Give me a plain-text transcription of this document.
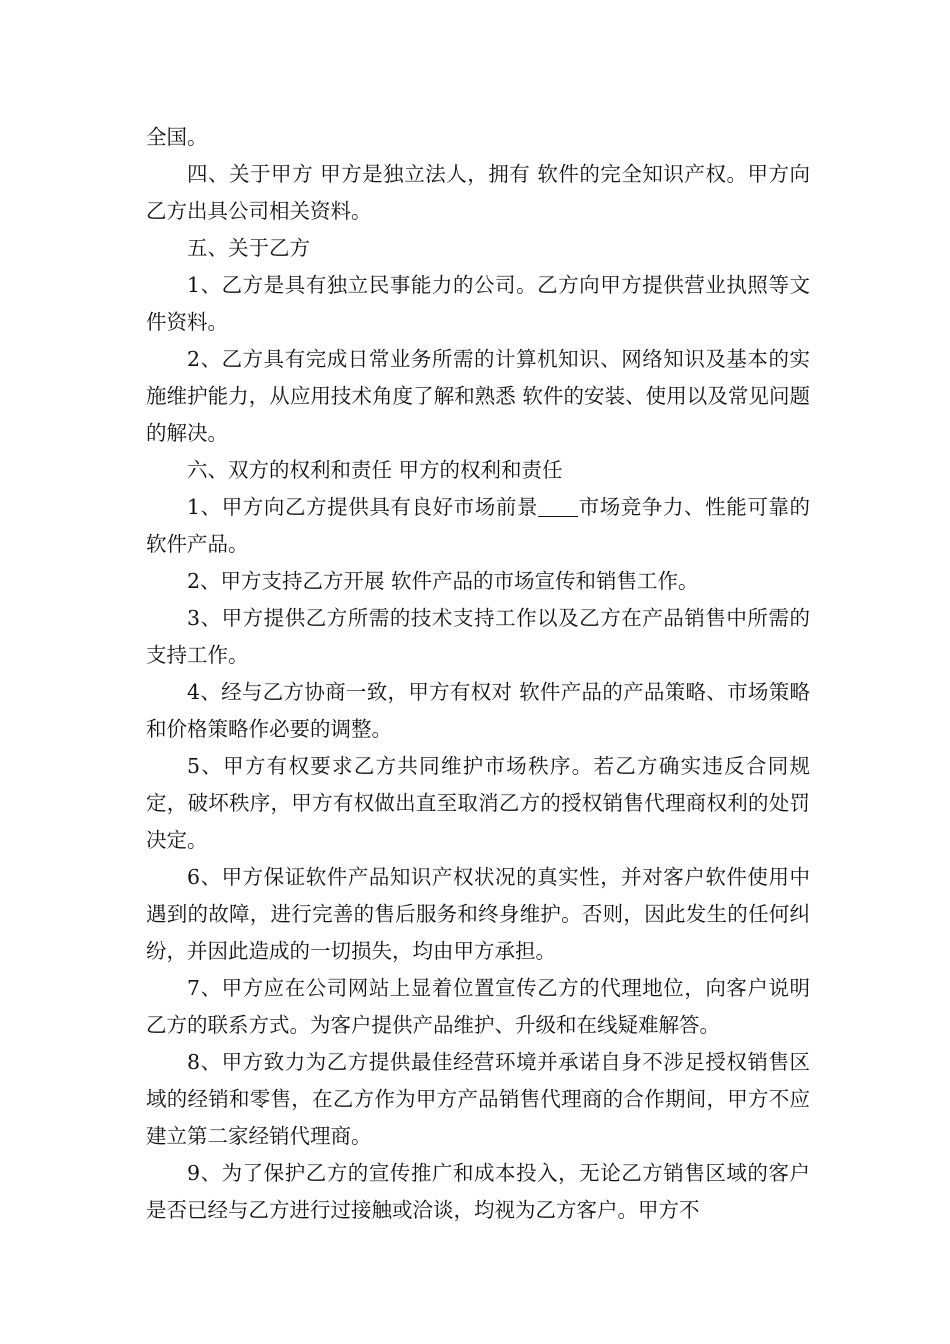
全国。

四、关于甲方 甲方是独立法人，拥有 软件的完全知识产权。甲方向乙方出具公司相关资料。

五、关于乙方

1、乙方是具有独立民事能力的公司。乙方向甲方提供营业执照等文件资料。

2、乙方具有完成日常业务所需的计算机知识、网络知识及基本的实施维护能力，从应用技术角度了解和熟悉 软件的安装、使用以及常见问题的解决。

六、双方的权利和责任 甲方的权利和责任

1、甲方向乙方提供具有良好市场前景 市场竞争力、性能可靠的 软件产品。

2、甲方支持乙方开展 软件产品的市场宣传和销售工作。

3、甲方提供乙方所需的技术支持工作以及乙方在产品销售中所需的支持工作。

4、经与乙方协商一致，甲方有权对 软件产品的产品策略、市场策略和价格策略作必要的调整。

5、甲方有权要求乙方共同维护市场秩序。若乙方确实违反合同规定，破坏秩序，甲方有权做出直至取消乙方的授权销售代理商权利的处罚决定。

6、甲方保证软件产品知识产权状况的真实性，并对客户软件使用中遇到的故障，进行完善的售后服务和终身维护。否则，因此发生的任何纠纷，并因此造成的一切损失，均由甲方承担。

7、甲方应在公司网站上显着位置宣传乙方的代理地位，向客户说明乙方的联系方式。为客户提供产品维护、升级和在线疑难解答。

8、甲方致力为乙方提供最佳经营环境并承诺自身不涉足授权销售区域的经销和零售，在乙方作为甲方产品销售代理商的合作期间，甲方不应建立第二家经销代理商。

9、为了保护乙方的宣传推广和成本投入，无论乙方销售区域的客户是否已经与乙方进行过接触或洽谈，均视为乙方客户。甲方不
